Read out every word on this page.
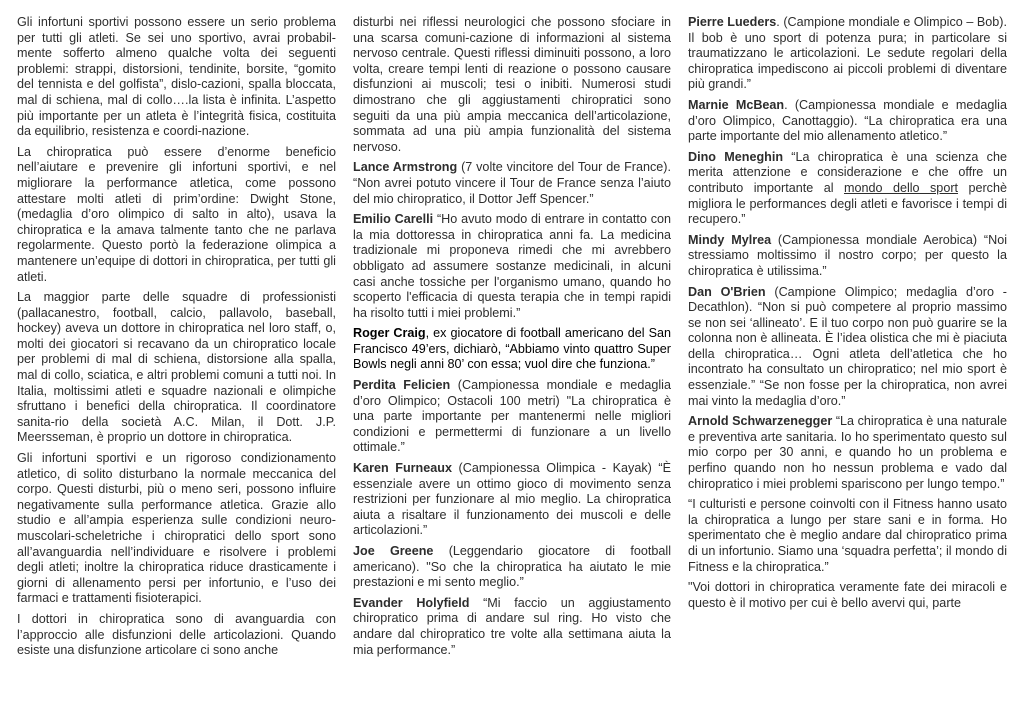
Gli infortuni sportivi possono essere un serio problema per tutti gli atleti. Se sei uno sportivo, avrai probabil-mente sofferto almeno qualche volta dei seguenti problemi: strappi, distorsioni, tendinite, borsite, “gomito del tennista e del golfista”, dislo-cazioni, spalla bloccata, mal di schiena, mal di collo….la lista è infinita. L’aspetto più importante per un atleta è l’integrità fisica, costituita da equilibrio, resistenza e coordi-nazione.

La chiropratica può essere d’enorme beneficio nell’aiutare e prevenire gli infortuni sportivi, e nel migliorare la performance atletica, come possono attestare molti atleti di prim’ordine: Dwight Stone, (medaglia d’oro olimpico di salto in alto), usava la chiropratica e la amava talmente tanto che ne parlava regolarmente. Questo portò la federazione olimpica a mantenere un’equipe di dottori in chiropratica, per tutti gli atleti.

La maggior parte delle squadre di professionisti (pallacanestro, football, calcio, pallavolo, baseball, hockey) aveva un dottore in chiropratica nel loro staff, o, molti dei giocatori si recavano da un chiropratico locale per problemi di mal di schiena, distorsione alla spalla, mal di collo, sciatica, e altri problemi comuni a tutti noi. In Italia, moltissimi atleti e squadre nazionali e olimpiche sfruttano i benefici della chiropratica. Il coordinatore sanita-rio della società A.C. Milan, il Dott. J.P. Meersseman, è proprio un dottore in chiropratica.

Gli infortuni sportivi e un rigoroso condizionamento atletico, di solito disturbano la normale meccanica del corpo. Questi disturbi, più o meno seri, possono influire negativamente sulla performance atletica. Grazie allo studio e all’ampia esperienza sulle condizioni neuro-muscolari-scheletriche i chiropratici dello sport sono all’avanguardia nell’individuare e risolvere i problemi degli atleti; inoltre la chiropratica riduce drasticamente i giorni di allenamento persi per infortunio, e l’uso dei farmaci e trattamenti fisioterapici.

I dottori in chiropratica sono di avanguardia con l’approccio alle disfunzioni delle articolazioni. Quando esiste una disfunzione articolare ci sono anche

disturbi nei riflessi neurologici che possono sfociare in una scarsa comuni-cazione di informazioni al sistema nervoso centrale. Questi riflessi diminuiti possono, a loro volta, creare tempi lenti di reazione o possono causare disfunzioni ai muscoli; tesi o inibiti. Numerosi studi dimostrano che gli aggiustamenti chiropratici sono seguiti da una più ampia meccanica dell’articolazione, sommata ad una più ampia funzionalità del sistema nervoso.

Lance Armstrong (7 volte vincitore del Tour de France). “Non avrei potuto vincere il Tour de France senza l’aiuto del mio chiropratico, il Dottor Jeff Spencer.”

Emilio Carelli “Ho avuto modo di entrare in contatto con la mia dottoressa in chiropratica anni fa. La medicina tradizionale mi proponeva rimedi che mi avrebbero obbligato ad assumere sostanze medicinali, in alcuni casi anche tossiche per l'organismo umano, quando ho scoperto l'efficacia di questa terapia che in tempi rapidi ha risolto tutti i miei problemi.”

Roger Craig, ex giocatore di football americano del San Francisco 49’ers, dichiarò, “Abbiamo vinto quattro Super Bowls negli anni 80’ con essa; vuol dire che funziona.”

Perdita Felicien (Campionessa mondiale e medaglia d’oro Olimpico; Ostacoli 100 metri) "La chiropratica è una parte importante per mantenermi nelle migliori condizioni e permettermi di funzionare a un livello ottimale.”

Karen Furneaux (Campionessa Olimpica - Kayak) “È essenziale avere un ottimo gioco di movimento senza restrizioni per funzionare al mio meglio. La chiropratica aiuta a risaltare il funzionamento dei muscoli e delle articolazioni.”

Joe Greene (Leggendario giocatore di football americano). "So che la chiropratica ha aiutato le mie prestazioni e mi sento meglio.”

Evander Holyfield “Mi faccio un aggiustamento chiropratico prima di andare sul ring. Ho visto che andare dal chiropratico tre volte alla settimana aiuta la mia performance.”

Pierre Lueders. (Campione mondiale e Olimpico – Bob). Il bob è uno sport di potenza pura; in particolare si traumatizzano le articolazioni. Le sedute regolari della chiropratica impediscono ai piccoli problemi di diventare più grandi.”

Marnie McBean. (Campionessa mondiale e medaglia d’oro Olimpico, Canottaggio). “La chiropratica era una parte importante del mio allenamento atletico.”

Dino Meneghin “La chiropratica è una scienza che merita attenzione e considerazione e che offre un contributo importante al mondo dello sport perchè migliora le performances degli atleti e favorisce i tempi di recupero.”

Mindy Mylrea (Campionessa mondiale Aerobica) “Noi stressiamo moltissimo il nostro corpo; per questo la chiropratica è utilissima.”

Dan O'Brien (Campione Olimpico; medaglia d’oro - Decathlon). “Non si può competere al proprio massimo se non sei ‘allineato’. E il tuo corpo non può guarire se la colonna non è allineata. È l’idea olistica che mi è piaciuta della chiropratica… Ogni atleta dell’atletica che ho incontrato ha consultato un chiropratico; nel mio sport è essenziale.” “Se non fosse per la chiropratica, non avrei mai vinto la medaglia d’oro.”

Arnold Schwarzenegger “La chiropratica è una naturale e preventiva arte sanitaria. Io ho sperimentato questo sul mio corpo per 30 anni, e quando ho un problema e perfino quando non ho nessun problema e vado dal chiropratico i miei problemi spariscono per lungo tempo.”

“I culturisti e persone coinvolti con il Fitness hanno usato la chiropratica a lungo per stare sani e in forma. Ho sperimentato che è meglio andare dal chiropratico prima di un infortunio. Siamo una ‘squadra perfetta’; il mondo di Fitness e la chiropratica.”

"Voi dottori in chiropratica veramente fate dei miracoli e questo è il motivo per cui è bello avervi qui, parte
